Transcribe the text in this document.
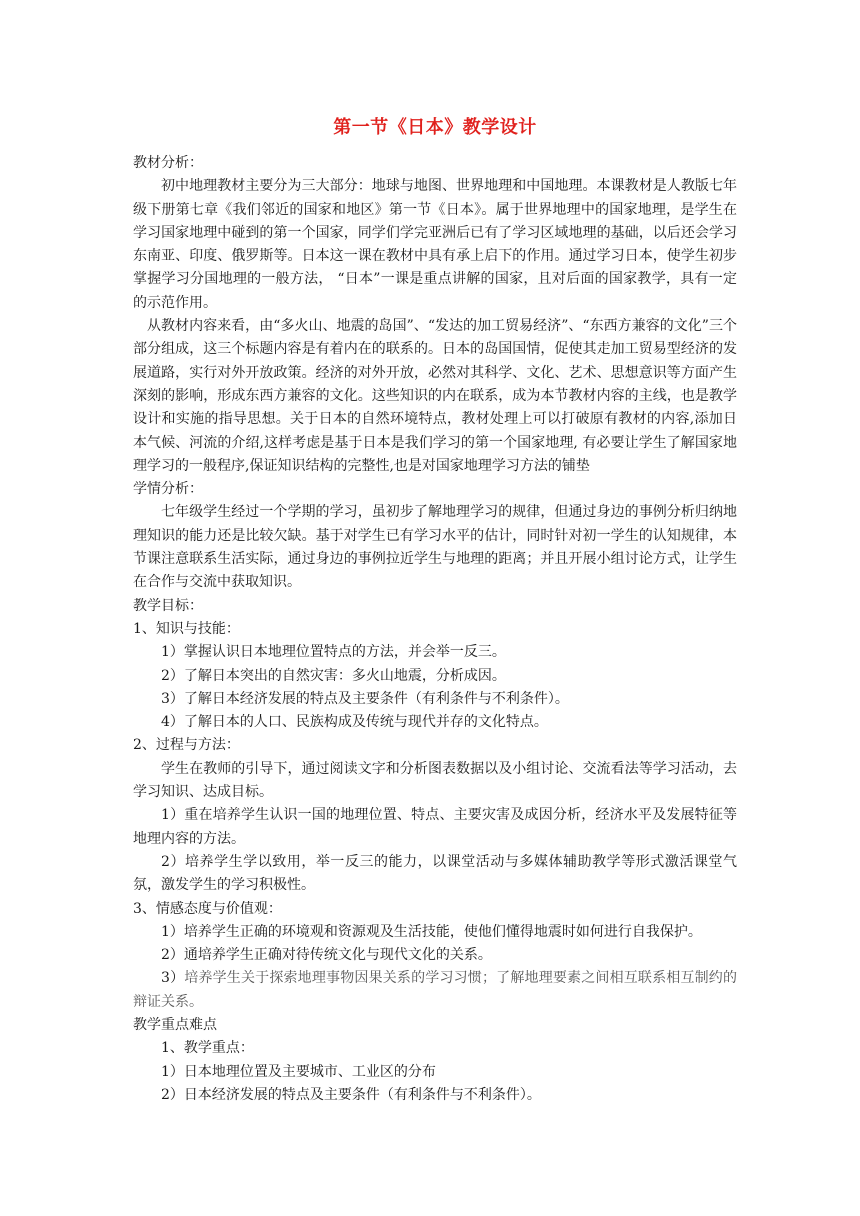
第一节《日本》教学设计

教材分析：

初中地理教材主要分为三大部分：地球与地图、世界地理和中国地理。本课教材是人教版七年级下册第七章《我们邻近的国家和地区》第一节《日本》。属于世界地理中的国家地理，是学生在学习国家地理中碰到的第一个国家，同学们学完亚洲后已有了学习区域地理的基础，以后还会学习东南亚、印度、俄罗斯等。日本这一课在教材中具有承上启下的作用。通过学习日本，使学生初步掌握学习分国地理的一般方法， “日本”一课是重点讲解的国家，且对后面的国家教学，具有一定的示范作用。

从教材内容来看，由“多火山、地震的岛国”、“发达的加工贸易经济”、“东西方兼容的文化”三个部分组成，这三个标题内容是有着内在的联系的。日本的岛国国情，促使其走加工贸易型经济的发展道路，实行对外开放政策。经济的对外开放，必然对其科学、文化、艺术、思想意识等方面产生深刻的影响，形成东西方兼容的文化。这些知识的内在联系，成为本节教材内容的主线，也是教学设计和实施的指导思想。关于日本的自然环境特点，教材处理上可以打破原有教材的内容,添加日本气候、河流的介绍,这样考虑是基于日本是我们学习的第一个国家地理, 有必要让学生了解国家地理学习的一般程序,保证知识结构的完整性,也是对国家地理学习方法的铺垫

学情分析：

七年级学生经过一个学期的学习，虽初步了解地理学习的规律，但通过身边的事例分析归纳地理知识的能力还是比较欠缺。基于对学生已有学习水平的估计，同时针对初一学生的认知规律，本节课注意联系生活实际，通过身边的事例拉近学生与地理的距离；并且开展小组讨论方式，让学生在合作与交流中获取知识。

教学目标：

1、知识与技能：

1）掌握认识日本地理位置特点的方法，并会举一反三。

2）了解日本突出的自然灾害：多火山地震，分析成因。

3）了解日本经济发展的特点及主要条件（有利条件与不利条件）。

4）了解日本的人口、民族构成及传统与现代并存的文化特点。

2、过程与方法：

学生在教师的引导下，通过阅读文字和分析图表数据以及小组讨论、交流看法等学习活动，去学习知识、达成目标。

1）重在培养学生认识一国的地理位置、特点、主要灾害及成因分析，经济水平及发展特征等地理内容的方法。

2）培养学生学以致用，举一反三的能力，以课堂活动与多媒体辅助教学等形式激活课堂气氛，激发学生的学习积极性。

3、情感态度与价值观：

1）培养学生正确的环境观和资源观及生活技能，使他们懂得地震时如何进行自我保护。

2）通培养学生正确对待传统文化与现代文化的关系。

3）培养学生关于探索地理事物因果关系的学习习惯；了解地理要素之间相互联系相互制约的辩证关系。

教学重点难点

1、教学重点：

1）日本地理位置及主要城市、工业区的分布

2）日本经济发展的特点及主要条件（有利条件与不利条件）。
